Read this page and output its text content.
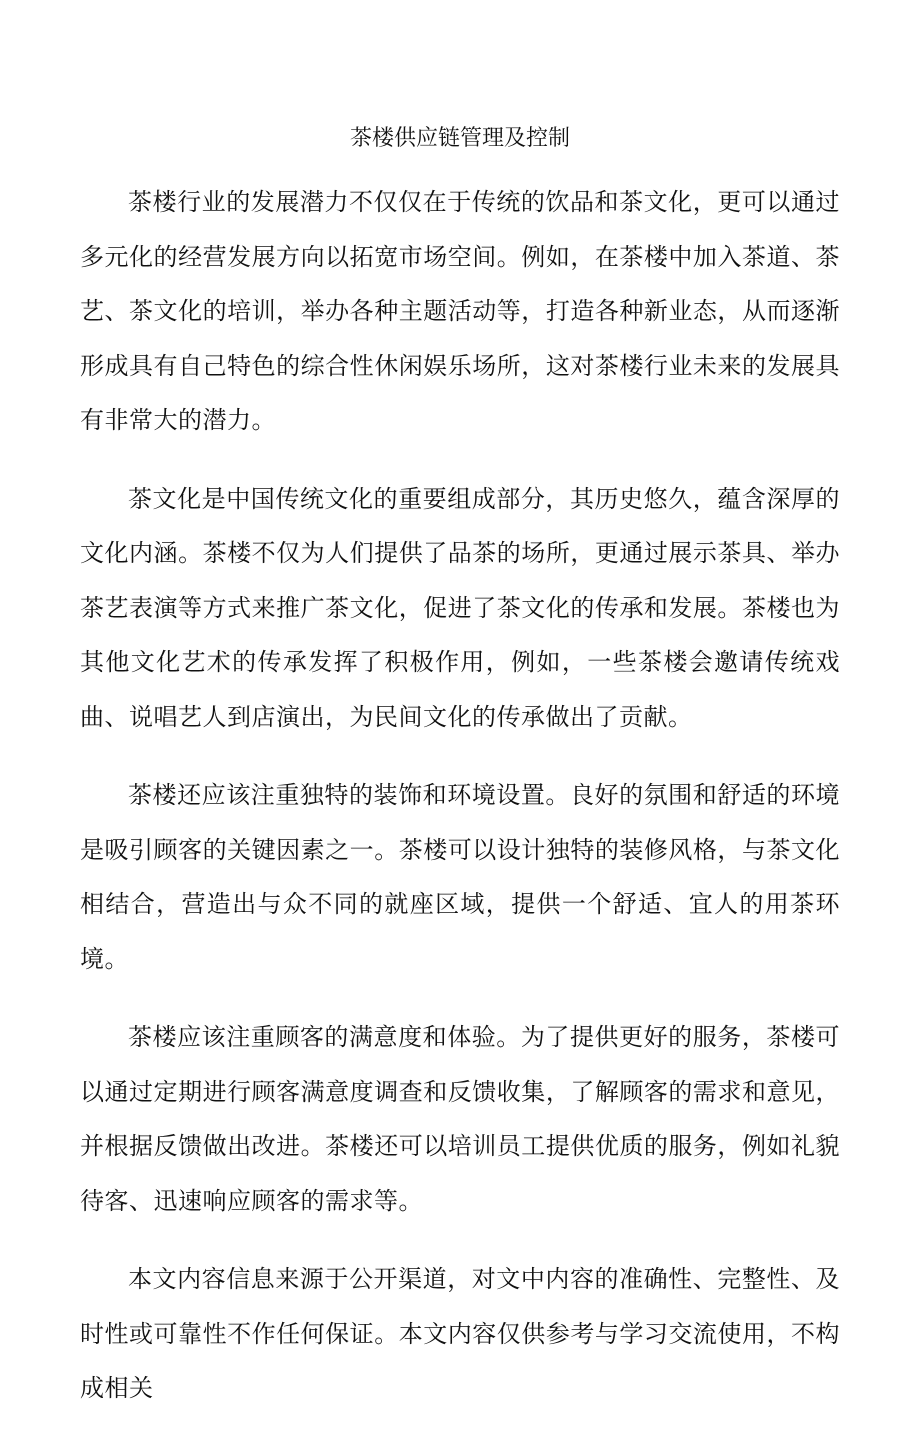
茶楼供应链管理及控制

茶楼行业的发展潜力不仅仅在于传统的饮品和茶文化，更可以通过多元化的经营发展方向以拓宽市场空间。例如，在茶楼中加入茶道、茶艺、茶文化的培训，举办各种主题活动等，打造各种新业态，从而逐渐形成具有自己特色的综合性休闲娱乐场所，这对茶楼行业未来的发展具有非常大的潜力。

茶文化是中国传统文化的重要组成部分，其历史悠久，蕴含深厚的文化内涵。茶楼不仅为人们提供了品茶的场所，更通过展示茶具、举办茶艺表演等方式来推广茶文化，促进了茶文化的传承和发展。茶楼也为其他文化艺术的传承发挥了积极作用，例如，一些茶楼会邀请传统戏曲、说唱艺人到店演出，为民间文化的传承做出了贡献。

茶楼还应该注重独特的装饰和环境设置。良好的氛围和舒适的环境是吸引顾客的关键因素之一。茶楼可以设计独特的装修风格，与茶文化相结合，营造出与众不同的就座区域，提供一个舒适、宜人的用茶环境。

茶楼应该注重顾客的满意度和体验。为了提供更好的服务，茶楼可以通过定期进行顾客满意度调查和反馈收集，了解顾客的需求和意见，并根据反馈做出改进。茶楼还可以培训员工提供优质的服务，例如礼貌待客、迅速响应顾客的需求等。

本文内容信息来源于公开渠道，对文中内容的准确性、完整性、及时性或可靠性不作任何保证。本文内容仅供参考与学习交流使用，不构成相关
